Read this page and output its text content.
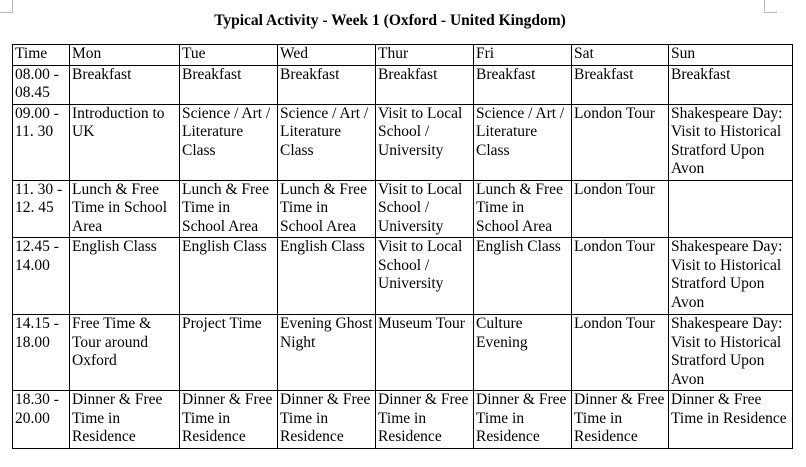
Typical Activity - Week 1 (Oxford - United Kingdom)
Time	Mon	Tue	Wed	Thur	Fri	Sat	Sun
08.00 - 08.45	Breakfast	Breakfast	Breakfast	Breakfast	Breakfast	Breakfast	Breakfast
09.00 - 11. 30	Introduction to UK	Science / Art / Literature Class	Science / Art / Literature Class	Visit to Local School / University	Science / Art / Literature Class	London Tour	Shakespeare Day: Visit to Historical Stratford Upon Avon
11. 30 - 12. 45	Lunch & Free Time in School Area	Lunch & Free Time in School Area	Lunch & Free Time in School Area	Visit to Local School / University	Lunch & Free Time in School Area	London Tour	
12.45 - 14.00	English Class	English Class	English Class	Visit to Local School / University	English Class	London Tour	Shakespeare Day: Visit to Historical Stratford Upon Avon
14.15 - 18.00	Free Time & Tour around Oxford	Project Time	Evening Ghost Night	Museum Tour	Culture Evening	London Tour	Shakespeare Day: Visit to Historical Stratford Upon Avon
18.30 - 20.00	Dinner & Free Time in Residence	Dinner & Free Time in Residence	Dinner & Free Time in Residence	Dinner & Free Time in Residence	Dinner & Free Time in Residence	Dinner & Free Time in Residence	Dinner & Free Time in Residence
